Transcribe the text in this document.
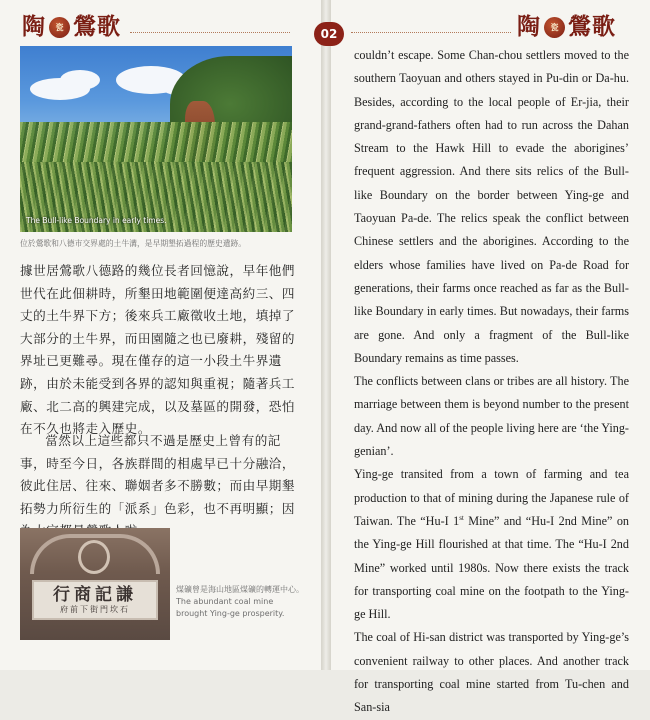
陶	瓷 鶯歌
The Bull-like Boundary in early times.
位於鶯歌和八德市交界處的土牛溝，是早期墾拓過程的歷史遺跡。

據世居鶯歌八德路的幾位長者回憶說，早年他們世代在此佃耕時，所墾田地範圍便達高約三、四丈的土牛界下方；後來兵工廠徵收土地，填掉了大部分的土牛界，而田園隨之也已廢耕，殘留的界址已更難尋。現在僅存的這一小段土牛界遺跡，由於未能受到各界的認知與重視；隨著兵工廠、北二高的興建完成，以及墓區的開發，恐怕在不久也將走入歷史。

當然以上這些都只不過是歷史上曾有的記事，時至今日，各族群間的相處早已十分融洽，彼此住居、往來、聯姻者多不勝數；而由早期墾拓勢力所衍生的「派系」色彩，也不再明顯；因

行商記謙
府前下街門坎石
煤礦曾是海山地區煤礦的轉運中心。The abundant coal mine brought Ying-ge prosperity.
02	陶	瓷 鶯歌

couldn’t escape. Some Chan-chou settlers moved to the southern Taoyuan and others stayed in Pu-din or Da-hu. Besides, according to the local people of Er-jia, their grand-grand-fathers often had to run across the Dahan Stream to the Hawk Hill to evade the aborigines’ frequent aggression. And there sits relics of the Bull-like Boundary on the border between Ying-ge and Taoyuan Pa-de. The relics speak the conflict between Chinese settlers and the aborigines. According to the elders whose families have lived on Pa-de Road for generations, their farms once reached as far as the Bull-like Boundary in early times. But nowadays, their farms are gone. And only a fragment of the Bull-like Boundary remains as time passes.

The conflicts between clans or tribes are all history. The marriage between them is beyond number to the present day. And now all of the people living here are ‘the Ying-genian’.

Ying-ge transited from a town of farming and tea production to that of mining during the Japanese rule of Taiwan. The “Hu-I 1st Mine” and “Hu-I 2nd Mine” on the Ying-ge Hill flourished at that time. The “Hu-I 2nd Mine” worked until 1980s. Now there exists the track for transporting coal mine on the footpath to the Ying-ge Hill.

The coal of Hi-san district was transported by Ying-ge’s convenient railway to other places. And another track for transporting coal mine started from Tu-chen and San-sia
